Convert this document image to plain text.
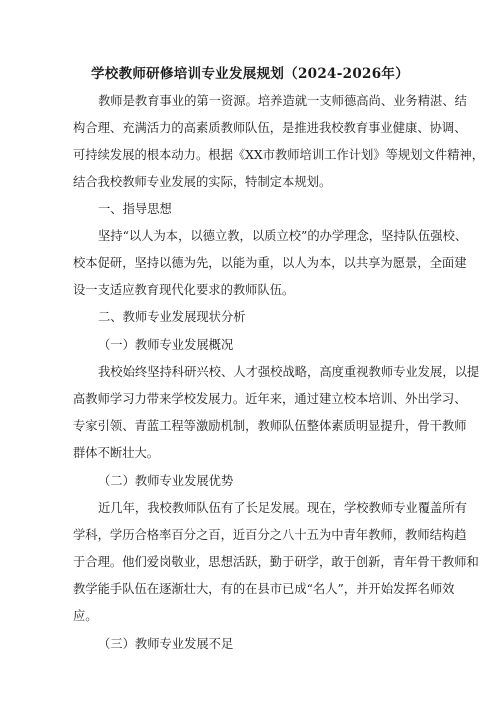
学校教师研修培训专业发展规划（2024-2026年）
教师是教育事业的第一资源。培养造就一支师德高尚、业务精湛、结
构合理、充满活力的高素质教师队伍，是推进我校教育事业健康、协调、
可持续发展的根本动力。根据《XX市教师培训工作计划》等规划文件精神，
结合我校教师专业发展的实际，特制定本规划。
一、指导思想
坚持“以人为本，以德立教，以质立校”的办学理念，坚持队伍强校、
校本促研，坚持以德为先，以能为重，以人为本，以共享为愿景，全面建
设一支适应教育现代化要求的教师队伍。
二、教师专业发展现状分析
（一）教师专业发展概况
我校始终坚持科研兴校、人才强校战略，高度重视教师专业发展，以提
高教师学习力带来学校发展力。近年来，通过建立校本培训、外出学习、
专家引领、青蓝工程等激励机制，教师队伍整体素质明显提升，骨干教师
群体不断壮大。
（二）教师专业发展优势
近几年，我校教师队伍有了长足发展。现在，学校教师专业覆盖所有
学科，学历合格率百分之百，近百分之八十五为中青年教师，教师结构趋
于合理。他们爱岗敬业，思想活跃，勤于研学，敢于创新，青年骨干教师和
教学能手队伍在逐渐壮大，有的在县市已成“名人”，并开始发挥名师效
应。
（三）教师专业发展不足
